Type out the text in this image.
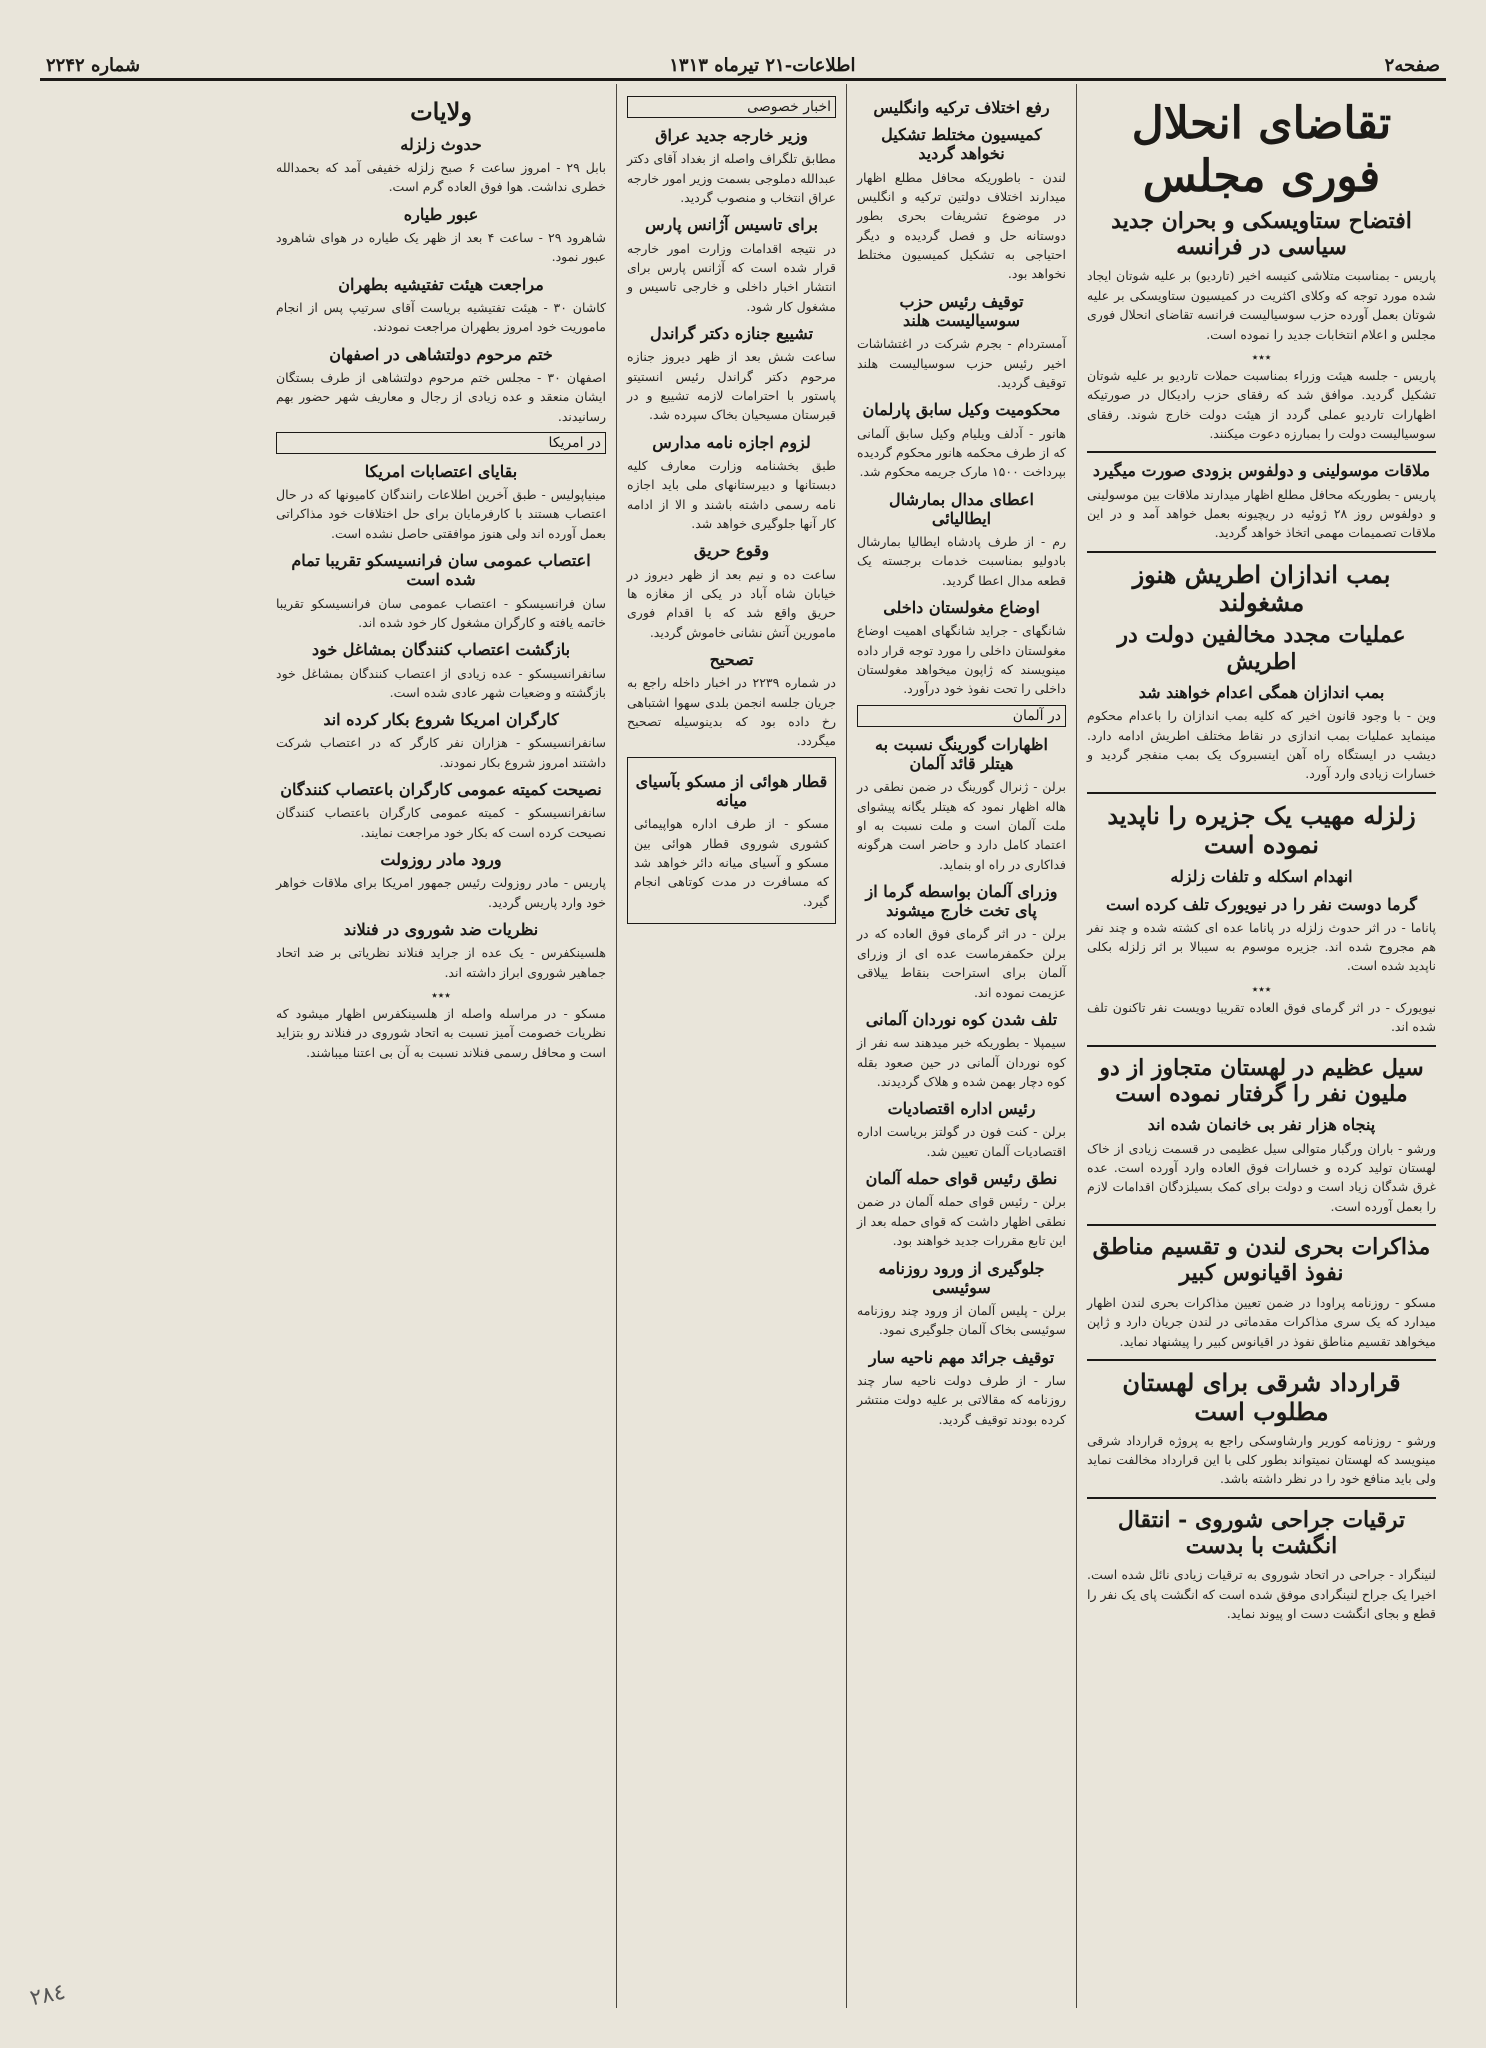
صفحه۲
اطلاعات-۲۱ تیرماه ۱۳۱۳
شماره ۲۲۴۲
تقاضای انحلال فوری مجلس
افتضاح ستاویسکی و بحران جدید سیاسی در فرانسه

پاریس - بمناسبت متلاشی کنیسه اخیر (تاردیو) بر علیه شوتان ایجاد شده مورد توجه که وکلای اکثریت در کمیسیون ستاویسکی بر علیه شوتان بعمل آورده حزب سوسیالیست فرانسه تقاضای انحلال فوری مجلس و اعلام انتخابات جدید را نموده است.

٭٭٭

پاریس - جلسه هیئت وزراء بمناسبت حملات تاردیو بر علیه شوتان تشکیل گردید. موافق شد که رفقای حزب رادیکال در صورتیکه اظهارات تاردیو عملی گردد از هیئت دولت خارج شوند. رفقای سوسیالیست دولت را بمبارزه دعوت میکنند.

ملاقات موسولینی و دولفوس بزودی صورت میگیرد

پاریس - بطوریکه محافل مطلع اظهار میدارند ملاقات بین موسولینی و دولفوس روز ۲۸ ژوئیه در ریچیونه بعمل خواهد آمد و در این ملاقات تصمیمات مهمی اتخاذ خواهد گردید.

بمب اندازان اطریش هنوز مشغولند
عملیات مجدد مخالفین دولت در اطریش
بمب اندازان همگی اعدام خواهند شد

وین - با وجود قانون اخیر که کلیه بمب اندازان را باعدام محکوم مینماید عملیات بمب اندازی در نقاط مختلف اطریش ادامه دارد. دیشب در ایستگاه راه آهن اینسبروک یک بمب منفجر گردید و خسارات زیادی وارد آورد.

زلزله مهیب یک جزیره را ناپدید نموده است
انهدام اسکله و تلفات زلزله
گرما دوست نفر را در نیویورک تلف کرده است

پاناما - در اثر حدوث زلزله در پاناما عده ای کشته شده و چند نفر هم مجروح شده اند. جزیره موسوم به سیبالا بر اثر زلزله بکلی ناپدید شده است.

٭٭٭

نیویورک - در اثر گرمای فوق العاده تقریبا دویست نفر تاکنون تلف شده اند.

سیل عظیم در لهستان متجاوز از دو ملیون نفر را گرفتار نموده است
پنجاه هزار نفر بی خانمان شده اند

ورشو - باران ورگبار متوالی سیل عظیمی در قسمت زیادی از خاک لهستان تولید کرده و خسارات فوق العاده وارد آورده است. عده غرق شدگان زیاد است و دولت برای کمک بسیلزدگان اقدامات لازم را بعمل آورده است.

مذاکرات بحری لندن و تقسیم مناطق نفوذ اقیانوس کبیر

مسکو - روزنامه پراودا در ضمن تعیین مذاکرات بحری لندن اظهار میدارد که یک سری مذاکرات مقدماتی در لندن جریان دارد و ژاپن میخواهد تقسیم مناطق نفوذ در اقیانوس کبیر را پیشنهاد نماید.

قرارداد شرقی برای لهستان مطلوب است

ورشو - روزنامه کوریر وارشاوسکی راجع به پروژه قرارداد شرقی مینویسد که لهستان نمیتواند بطور کلی با این قرارداد مخالفت نماید ولی باید منافع خود را در نظر داشته باشد.

ترقیات جراحی شوروی - انتقال انگشت با بدست

لنینگراد - جراحی در اتحاد شوروی به ترقیات زیادی نائل شده است. اخیرا یک جراح لنینگرادی موفق شده است که انگشت پای یک نفر را قطع و بجای انگشت دست او پیوند نماید.

رفع اختلاف ترکیه وانگلیس
کمیسیون مختلط تشکیل نخواهد گردید

لندن - باطوریکه محافل مطلع اظهار میدارند اختلاف دولتین ترکیه و انگلیس در موضوع تشریفات بحری بطور دوستانه حل و فصل گردیده و دیگر احتیاجی به تشکیل کمیسیون مختلط نخواهد بود.

توقیف رئیس حزب سوسیالیست هلند

آمستردام - بجرم شرکت در اغتشاشات اخیر رئیس حزب سوسیالیست هلند توقیف گردید.

محکومیت وکیل سابق پارلمان

هانور - آدلف ویلیام وکیل سابق آلمانی که از طرف محکمه هانور محکوم گردیده بپرداخت ۱۵۰۰ مارک جریمه محکوم شد.

اعطای مدال بمارشال ایطالیائی

رم - از طرف پادشاه ایطالیا بمارشال بادولیو بمناسبت خدمات برجسته یک قطعه مدال اعطا گردید.

اوضاع مغولستان داخلی

شانگهای - جراید شانگهای اهمیت اوضاع مغولستان داخلی را مورد توجه قرار داده مینویسند که ژاپون میخواهد مغولستان داخلی را تحت نفوذ خود درآورد.

در آلمان
اظهارات گورینگ نسبت به هیتلر قائد آلمان

برلن - ژنرال گورینگ در ضمن نطقی در هاله اظهار نمود که هیتلر یگانه پیشوای ملت آلمان است و ملت نسبت به او اعتماد کامل دارد و حاضر است هرگونه فداکاری در راه او بنماید.

وزرای آلمان بواسطه گرما از پای تخت خارج میشوند

برلن - در اثر گرمای فوق العاده که در برلن حکمفرماست عده ای از وزرای آلمان برای استراحت بنقاط ییلاقی عزیمت نموده اند.

تلف شدن کوه نوردان آلمانی

سیمپلا - بطوریکه خبر میدهند سه نفر از کوه نوردان آلمانی در حین صعود بقله کوه دچار بهمن شده و هلاک گردیدند.

رئیس اداره اقتصادیات

برلن - کنت فون در گولتز بریاست اداره اقتصادیات آلمان تعیین شد.

نطق رئیس قوای حمله آلمان

برلن - رئیس قوای حمله آلمان در ضمن نطقی اظهار داشت که قوای حمله بعد از این تابع مقررات جدید خواهند بود.

جلوگیری از ورود روزنامه سوئیسی

برلن - پلیس آلمان از ورود چند روزنامه سوئیسی بخاک آلمان جلوگیری نمود.

توقیف جرائد مهم ناحیه سار

سار - از طرف دولت ناحیه سار چند روزنامه که مقالاتی بر علیه دولت منتشر کرده بودند توقیف گردید.

اخبار خصوصی
وزیر خارجه جدید عراق

مطابق تلگراف واصله از بغداد آقای دکتر عبدالله دملوجی بسمت وزیر امور خارجه عراق انتخاب و منصوب گردید.

برای تاسیس آژانس پارس

در نتیجه اقدامات وزارت امور خارجه قرار شده است که آژانس پارس برای انتشار اخبار داخلی و خارجی تاسیس و مشغول کار شود.

تشییع جنازه دکتر گراندل

ساعت شش بعد از ظهر دیروز جنازه مرحوم دکتر گراندل رئیس انستیتو پاستور با احترامات لازمه تشییع و در قبرستان مسیحیان بخاک سپرده شد.

لزوم اجازه نامه مدارس

طبق بخشنامه وزارت معارف کلیه دبستانها و دبیرستانهای ملی باید اجازه نامه رسمی داشته باشند و الا از ادامه کار آنها جلوگیری خواهد شد.

وقوع حریق

ساعت ده و نیم بعد از ظهر دیروز در خیابان شاه آباد در یکی از مغازه ها حریق واقع شد که با اقدام فوری مامورین آتش نشانی خاموش گردید.

تصحیح

در شماره ۲۲۳۹ در اخبار داخله راجع به جریان جلسه انجمن بلدی سهوا اشتباهی رخ داده بود که بدینوسیله تصحیح میگردد.

قطار هوائی از مسکو بآسیای میانه

مسکو - از طرف اداره هواپیمائی کشوری شوروی قطار هوائی بین مسکو و آسیای میانه دائر خواهد شد که مسافرت در مدت کوتاهی انجام گیرد.

ولایات
حدوث زلزله

بابل ۲۹ - امروز ساعت ۶ صبح زلزله خفیفی آمد که بحمدالله خطری نداشت. هوا فوق العاده گرم است.

عبور طیاره

شاهرود ۲۹ - ساعت ۴ بعد از ظهر یک طیاره در هوای شاهرود عبور نمود.

مراجعت هیئت تفتیشیه بطهران

کاشان ۳۰ - هیئت تفتیشیه بریاست آقای سرتیپ پس از انجام ماموریت خود امروز بطهران مراجعت نمودند.

ختم مرحوم دولتشاهی در اصفهان

اصفهان ۳۰ - مجلس ختم مرحوم دولتشاهی از طرف بستگان ایشان منعقد و عده زیادی از رجال و معاریف شهر حضور بهم رسانیدند.

در امریکا
بقایای اعتصابات امریکا

مینیاپولیس - طبق آخرین اطلاعات رانندگان کامیونها که در حال اعتصاب هستند با کارفرمایان برای حل اختلافات خود مذاکراتی بعمل آورده اند ولی هنوز موافقتی حاصل نشده است.

اعتصاب عمومی سان فرانسیسکو تقریبا تمام شده است

سان فرانسیسکو - اعتصاب عمومی سان فرانسیسکو تقریبا خاتمه یافته و کارگران مشغول کار خود شده اند.

بازگشت اعتصاب کنندگان بمشاغل خود

سانفرانسیسکو - عده زیادی از اعتصاب کنندگان بمشاغل خود بازگشته و وضعیات شهر عادی شده است.

کارگران امریکا شروع بکار کرده اند

سانفرانسیسکو - هزاران نفر کارگر که در اعتصاب شرکت داشتند امروز شروع بکار نمودند.

نصیحت کمیته عمومی کارگران باعتصاب کنندگان

سانفرانسیسکو - کمیته عمومی کارگران باعتصاب کنندگان نصیحت کرده است که بکار خود مراجعت نمایند.

ورود مادر روزولت

پاریس - مادر روزولت رئیس جمهور امریکا برای ملاقات خواهر خود وارد پاریس گردید.

نظریات ضد شوروی در فنلاند

هلسینکفرس - یک عده از جراید فنلاند نظریاتی بر ضد اتحاد جماهیر شوروی ابراز داشته اند.

٭٭٭

مسکو - در مراسله واصله از هلسینکفرس اظهار میشود که نظریات خصومت آمیز نسبت به اتحاد شوروی در فنلاند رو بتزاید است و محافل رسمی فنلاند نسبت به آن بی اعتنا میباشند.

٢٨٤
